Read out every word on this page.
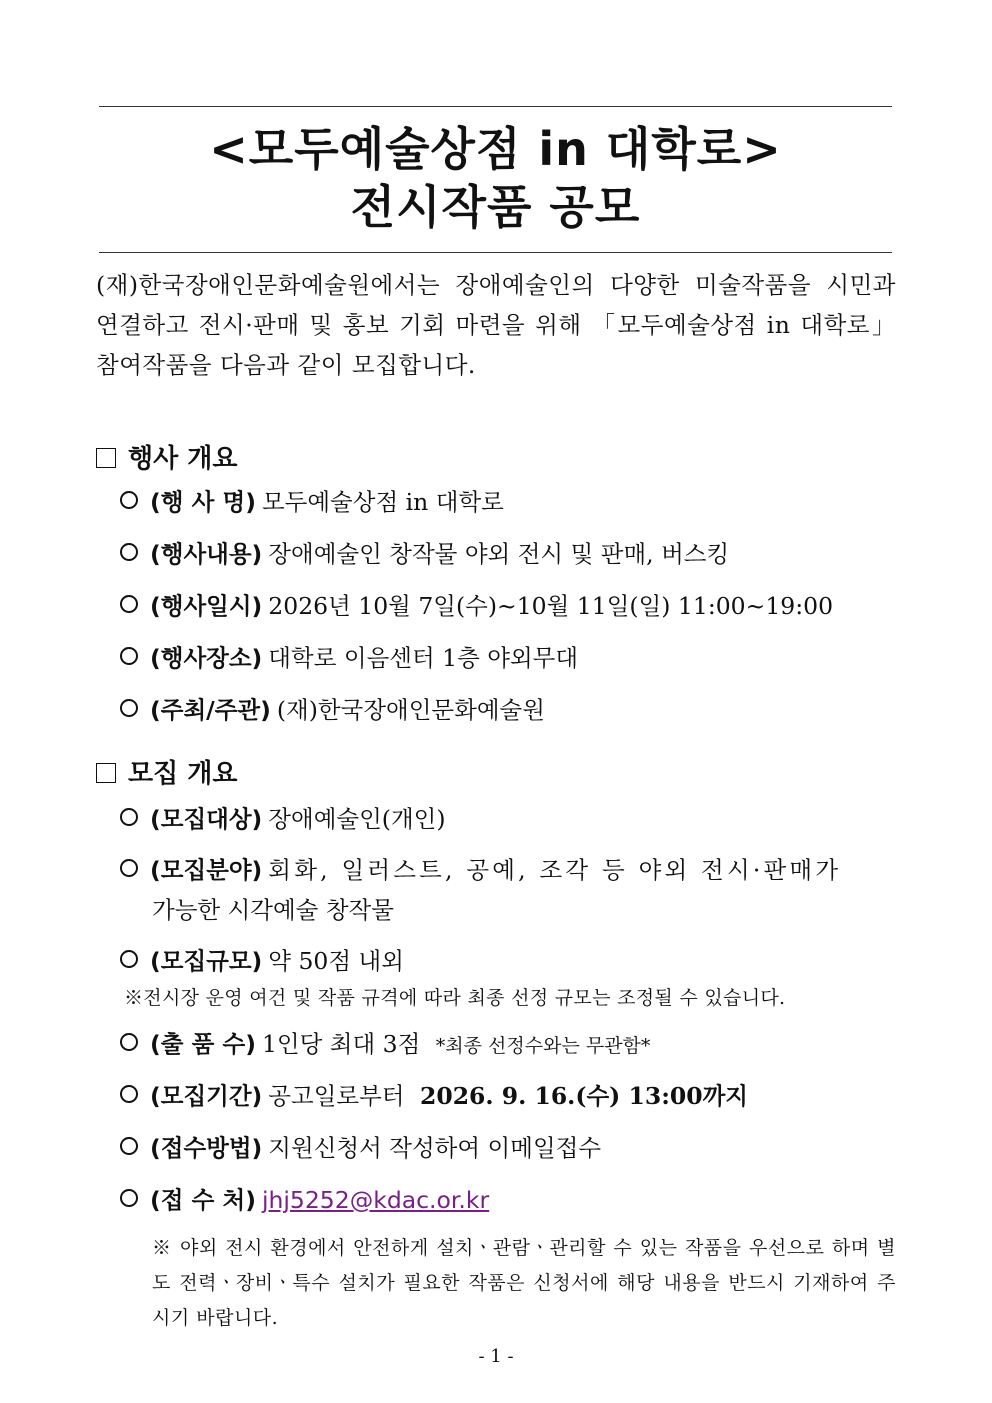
<모두예술상점 in 대학로>
전시작품 공모

(재)한국장애인문화예술원에서는 장애예술인의 다양한 미술작품을 시민과 연결하고 전시·판매 및 홍보 기회 마련을 위해 「모두예술상점 in 대학로」 참여작품을 다음과 같이 모집합니다.

행사 개요
(행 사 명) 모두예술상점 in 대학로
(행사내용) 장애예술인 창작물 야외 전시 및 판매, 버스킹
(행사일시) 2026년 10월 7일(수)~10월 11일(일) 11:00~19:00
(행사장소) 대학로 이음센터 1층 야외무대
(주최/주관) (재)한국장애인문화예술원
모집 개요
(모집대상) 장애예술인(개인)
(모집분야) 회화, 일러스트, 공예, 조각 등 야외 전시·판매가
가능한 시각예술 창작물
(모집규모) 약 50점 내외
※전시장 운영 여건 및 작품 규격에 따라 최종 선정 규모는 조정될 수 있습니다.
(출 품 수) 1인당 최대 3점 *최종 선정수와는 무관함*
(모집기간) 공고일로부터 2026. 9. 16.(수) 13:00까지
(접수방법) 지원신청서 작성하여 이메일접수
(접 수 처) jhj5252@kdac.or.kr
※ 야외 전시 환경에서 안전하게 설치ㆍ관람ㆍ관리할 수 있는 작품을 우선으로 하며 별도 전력ㆍ장비ㆍ특수 설치가 필요한 작품은 신청서에 해당 내용을 반드시 기재하여 주시기 바랍니다.
- 1 -
